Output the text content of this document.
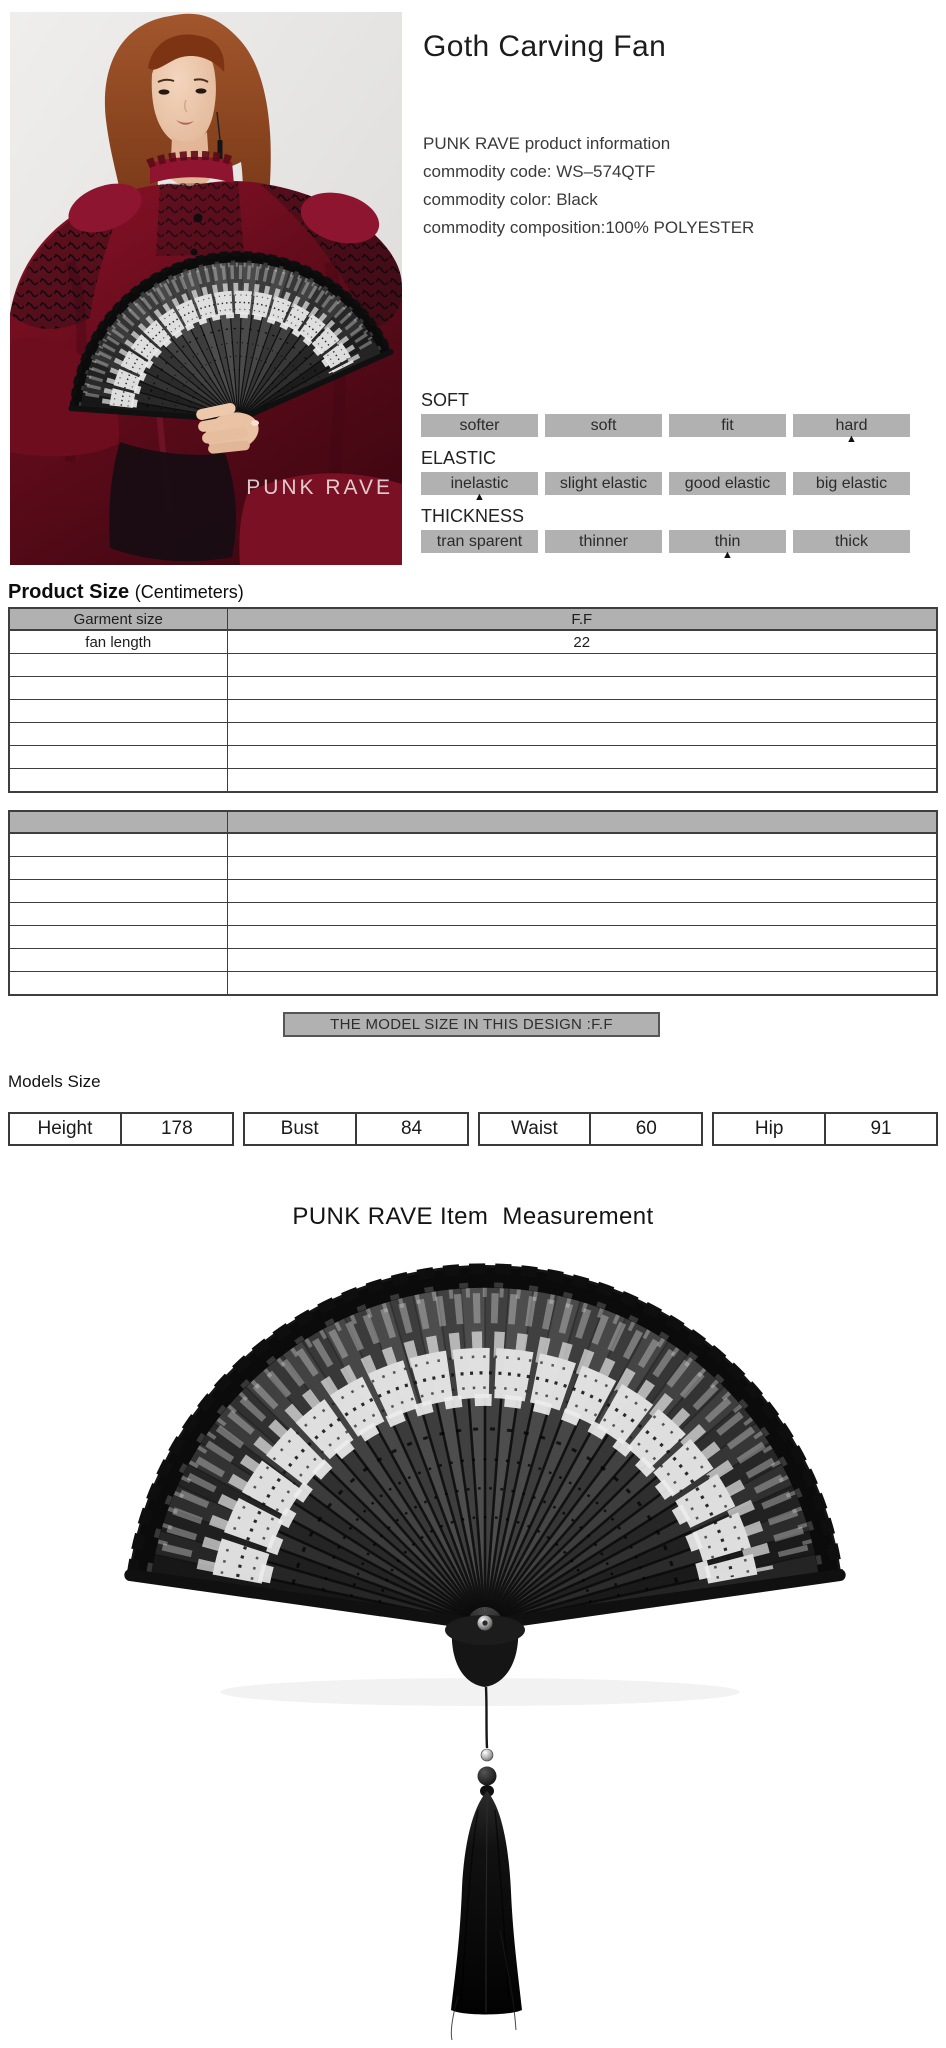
PUNK RAVE
Goth Carving Fan
PUNK RAVE product information
commodity code: WS–574QTF
commodity color: Black
commodity composition:100% POLYESTER
SOFT
softer	soft	fit	hard
▲
ELASTIC
inelastic	slight elastic	good elastic	big elastic
▲
THICKNESS
tran sparent	thinner	thin	thick
▲
Product Size (Centimeters)
Garment size	F.F
fan length	22

THE MODEL SIZE IN THIS DESIGN :F.F
Models Size
Height	178	Bust	84	Waist	60	Hip	91
PUNK RAVE Item  Measurement
